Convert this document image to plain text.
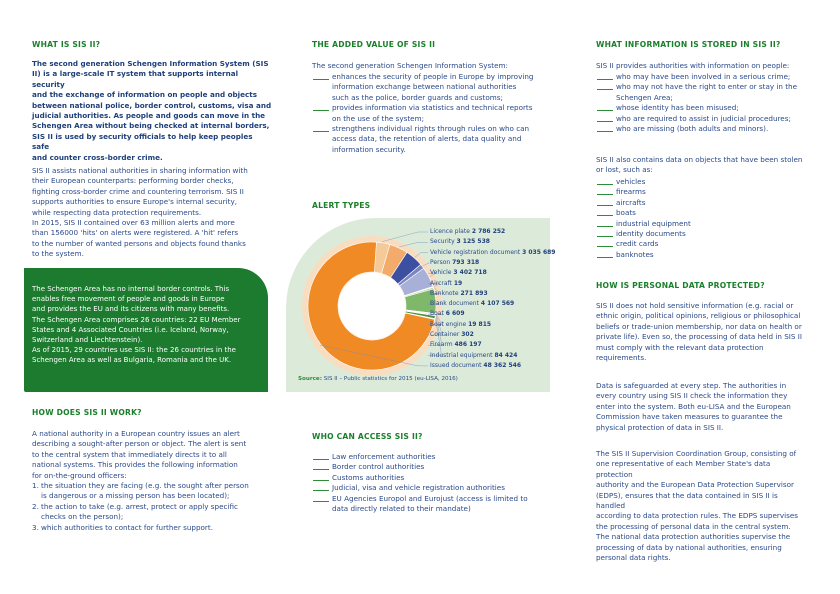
WHAT IS SIS II?
The second generation Schengen Information System (SIS
II) is a large-scale IT system that supports internal security
and the exchange of information on people and objects
between national police, border control, customs, visa and
judicial authorities. As people and goods can move in the
Schengen Area without being checked at internal borders,
SIS II is used by security officials to help keep peoples safe
and counter cross-border crime.
SIS II assists national authorities in sharing information with
their European counterparts: performing border checks,
fighting cross-border crime and countering terrorism. SIS II
supports authorities to ensure Europe's internal security,
while respecting data protection requirements.
In 2015, SIS II contained over 63 million alerts and more
than 156000 'hits' on alerts were registered. A 'hit' refers
to the number of wanted persons and objects found thanks
to the system.
The Schengen Area has no internal border controls. This
enables free movement of people and goods in Europe
and provides the EU and its citizens with many benefits.
The Schengen Area comprises 26 countries: 22 EU Member
States and 4 Associated Countries (i.e. Iceland, Norway,
Switzerland and Liechtenstein).
As of 2015, 29 countries use SIS II: the 26 countries in the
Schengen Area as well as Bulgaria, Romania and the UK.
HOW DOES SIS II WORK?
A national authority in a European country issues an alert
describing a sought-after person or object. The alert is sent
to the central system that immediately directs it to all
national systems. This provides the following information
for on-the-ground officers:
1. the situation they are facing (e.g. the sought after person
is dangerous or a missing person has been located);
2. the action to take (e.g. arrest, protect or apply specific
checks on the person);
3. which authorities to contact for further support.
THE ADDED VALUE OF SIS II
The second generation Schengen Information System:
enhances the security of people in Europe by improving
information exchange between national authorities
such as the police, border guards and customs;
provides information via statistics and technical reports
on the use of the system;
strengthens individual rights through rules on who can
access data, the retention of alerts, data quality and
information security.
ALERT TYPES
Licence plate 2 786 252
Security 3 125 538
Vehicle registration document 3 035 689
Person 793 318
Vehicle 3 402 718
Aircraft 19
Banknote 271 893
Blank document 4 107 569
Boat 6 609
Boat engine 19 815
Container 302
Firearm 486 197
Industrial equipment 84 424
Issued document 48 362 546
Source: SIS II – Public statistics for 2015 (eu-LISA, 2016)
WHO CAN ACCESS SIS II?
Law enforcement authorities
Border control authorities
Customs authorities
Judicial, visa and vehicle registration authorities
EU Agencies Europol and Eurojust (access is limited to
data directly related to their mandate)
WHAT INFORMATION IS STORED IN SIS II?
SIS II provides authorities with information on people:
who may have been involved in a serious crime;
who may not have the right to enter or stay in the
Schengen Area;
whose identity has been misused;
who are required to assist in judicial procedures;
who are missing (both adults and minors).
SIS II also contains data on objects that have been stolen
or lost, such as:
vehicles
firearms
aircrafts
boats
industrial equipment
identity documents
credit cards
banknotes
HOW IS PERSONAL DATA PROTECTED?
SIS II does not hold sensitive information (e.g. racial or
ethnic origin, political opinions, religious or philosophical
beliefs or trade-union membership, nor data on health or
private life). Even so, the processing of data held in SIS II
must comply with the relevant data protection
requirements.
Data is safeguarded at every step. The authorities in
every country using SIS II check the information they
enter into the system. Both eu-LISA and the European
Commission have taken measures to guarantee the
physical protection of data in SIS II.
The SIS II Supervision Coordination Group, consisting of
one representative of each Member State's data protection
authority and the European Data Protection Supervisor
(EDPS), ensures that the data contained in SIS II is handled
according to data protection rules. The EDPS supervises
the processing of personal data in the central system.
The national data protection authorities supervise the
processing of data by national authorities, ensuring
personal data rights.
